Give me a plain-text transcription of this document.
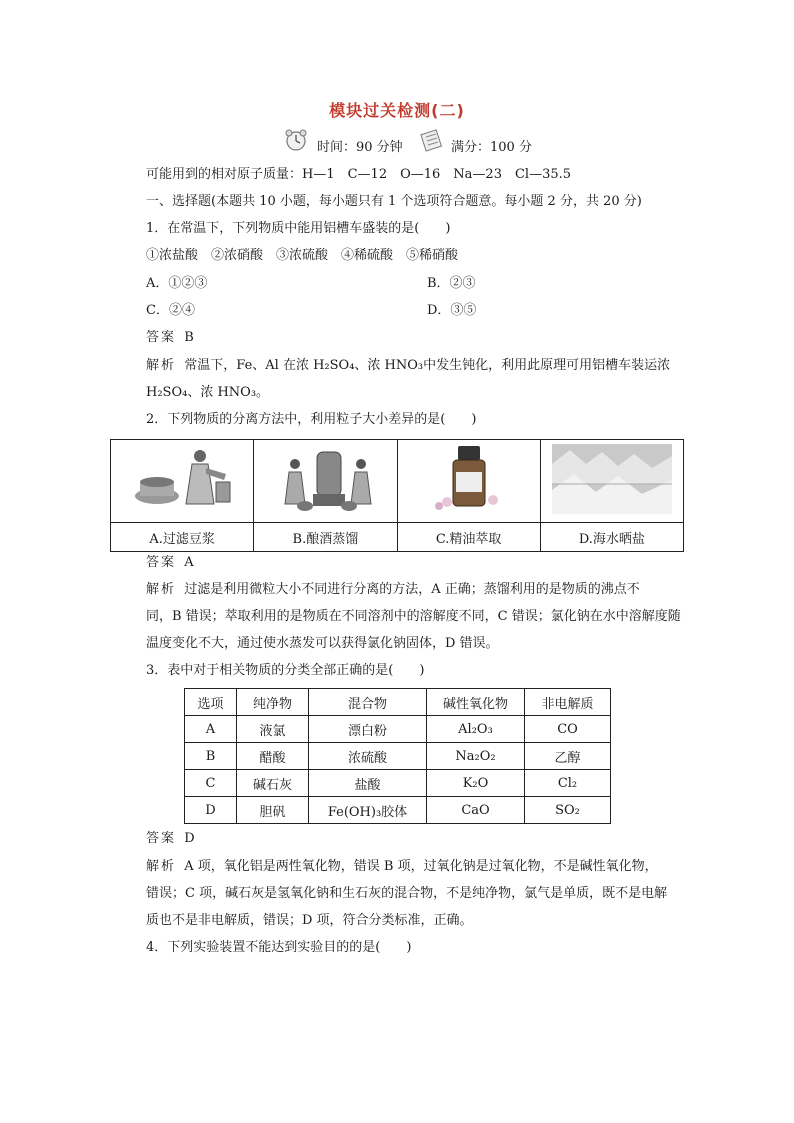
模块过关检测(二)
时间：90 分钟	满分：100 分
可能用到的相对原子质量：H—1　C—12　O—16　Na—23　Cl—35.5
一、选择题(本题共 10 小题，每小题只有 1 个选项符合题意。每小题 2 分，共 20 分)
1．在常温下，下列物质中能用铝槽车盛装的是(　　)
①浓盐酸　②浓硝酸　③浓硫酸　④稀硫酸　⑤稀硝酸
A．①②③	B．②③
C．②④	D．③⑤
答案 B
解析 常温下，Fe、Al 在浓 H₂SO₄、浓 HNO₃中发生钝化，利用此原理可用铝槽车装运浓
H₂SO₄、浓 HNO₃。
2．下列物质的分离方法中，利用粒子大小差异的是(　　)

A.过滤豆浆	B.酿酒蒸馏	C.精油萃取	D.海水晒盐
答案 A
解析 过滤是利用微粒大小不同进行分离的方法，A 正确；蒸馏利用的是物质的沸点不
同，B 错误；萃取利用的是物质在不同溶剂中的溶解度不同，C 错误；氯化钠在水中溶解度随
温度变化不大，通过使水蒸发可以获得氯化钠固体，D 错误。
3．表中对于相关物质的分类全部正确的是(　　)
选项	纯净物	混合物	碱性氧化物	非电解质
A	液氯	漂白粉	Al₂O₃	CO
B	醋酸	浓硫酸	Na₂O₂	乙醇
C	碱石灰	盐酸	K₂O	Cl₂
D	胆矾	Fe(OH)₃胶体	CaO	SO₂
答案 D
解析 A 项，氧化铝是两性氧化物，错误 B 项，过氧化钠是过氧化物，不是碱性氧化物，
错误；C 项，碱石灰是氢氧化钠和生石灰的混合物，不是纯净物，氯气是单质，既不是电解
质也不是非电解质，错误；D 项，符合分类标准，正确。
4．下列实验装置不能达到实验目的的是(　　)
